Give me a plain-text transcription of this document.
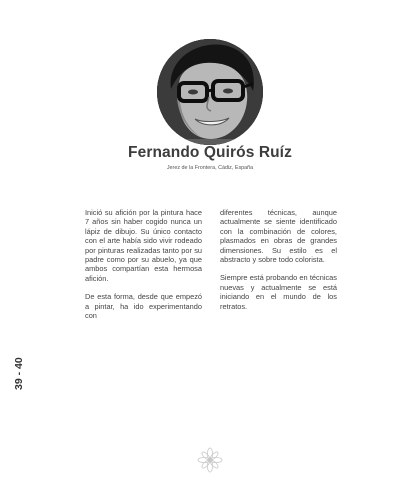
Fernando Quirós Ruíz
Jerez de la Frontera, Cádiz, España

Inició su afición por la pintura hace 7 años sin haber cogido nunca un lápiz de dibujo. Su único contacto con el arte había sido vivir rodeado por pinturas realizadas tanto por su padre como por su abuelo, ya que ambos compartían esta hermosa afición.

De esta forma, desde que empezó a pintar, ha ido experimentando con

diferentes técnicas, aunque actualmente se siente identificado con la combinación de colores, plasmados en obras de grandes dimensiones. Su estilo es el abstracto y sobre todo colorista.

Siempre está probando en técnicas nuevas y actualmente se está iniciando en el mundo de los retratos.

39 - 40
